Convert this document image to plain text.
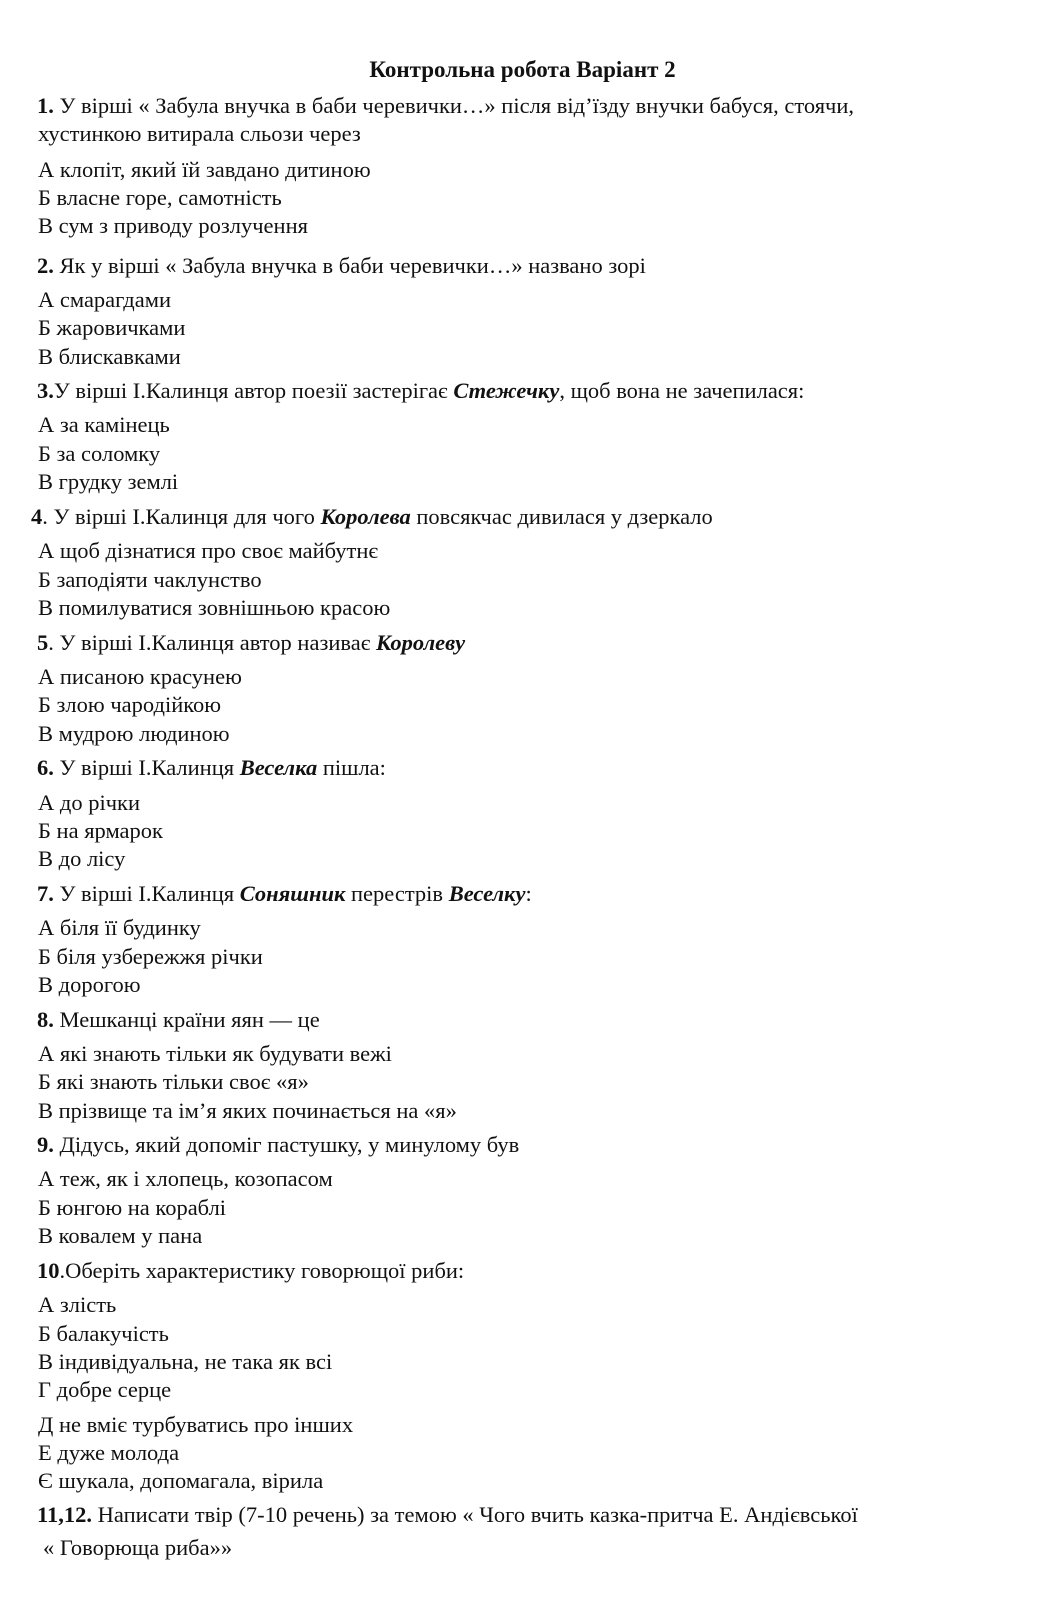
Контрольна робота Варіант 2
1. У вірші « Забула внучка в баби черевички…» після від’їзду внучки бабуся, стоячи,
хустинкою витирала сльози через
А клопіт, який їй завдано дитиною
Б власне горе, самотність
В сум з приводу розлучення
2. Як у вірші « Забула внучка в баби черевички…» названо зорі
А смарагдами
Б жаровичками
В блискавками
3.У вірші І.Калинця автор поезії застерігає Стежечку, щоб вона не зачепилася:
А за камінець
Б за соломку
В грудку землі
4. У вірші І.Калинця для чого Королева повсякчас дивилася у дзеркало
А щоб дізнатися про своє майбутнє
Б заподіяти чаклунство
В помилуватися зовнішньою красою
5. У вірші І.Калинця автор називає Королеву
А писаною красунею
Б злою чародійкою
В мудрою людиною
6. У вірші І.Калинця Веселка пішла:
А до річки
Б на ярмарок
В до лісу
7. У вірші І.Калинця Соняшник перестрів Веселку:
А біля її будинку
Б біля узбережжя річки
В дорогою
8. Мешканці країни яян — це
А які знають тільки як будувати вежі
Б які знають тільки своє «я»
В прізвище та ім’я яких починається на «я»
9. Дідусь, який допоміг пастушку, у минулому був
А теж, як і хлопець, козопасом
Б юнгою на кораблі
В ковалем у пана
10.Оберіть характеристику говорющої риби:
А злість
Б балакучість
В індивідуальна, не така як всі
Г добре серце
Д не вміє турбуватись про інших
Е дуже молода
Є шукала, допомагала, вірила
11,12. Написати твір (7-10 речень) за темою « Чого вчить казка-притча Е. Андієвської
« Говорюща риба»»
